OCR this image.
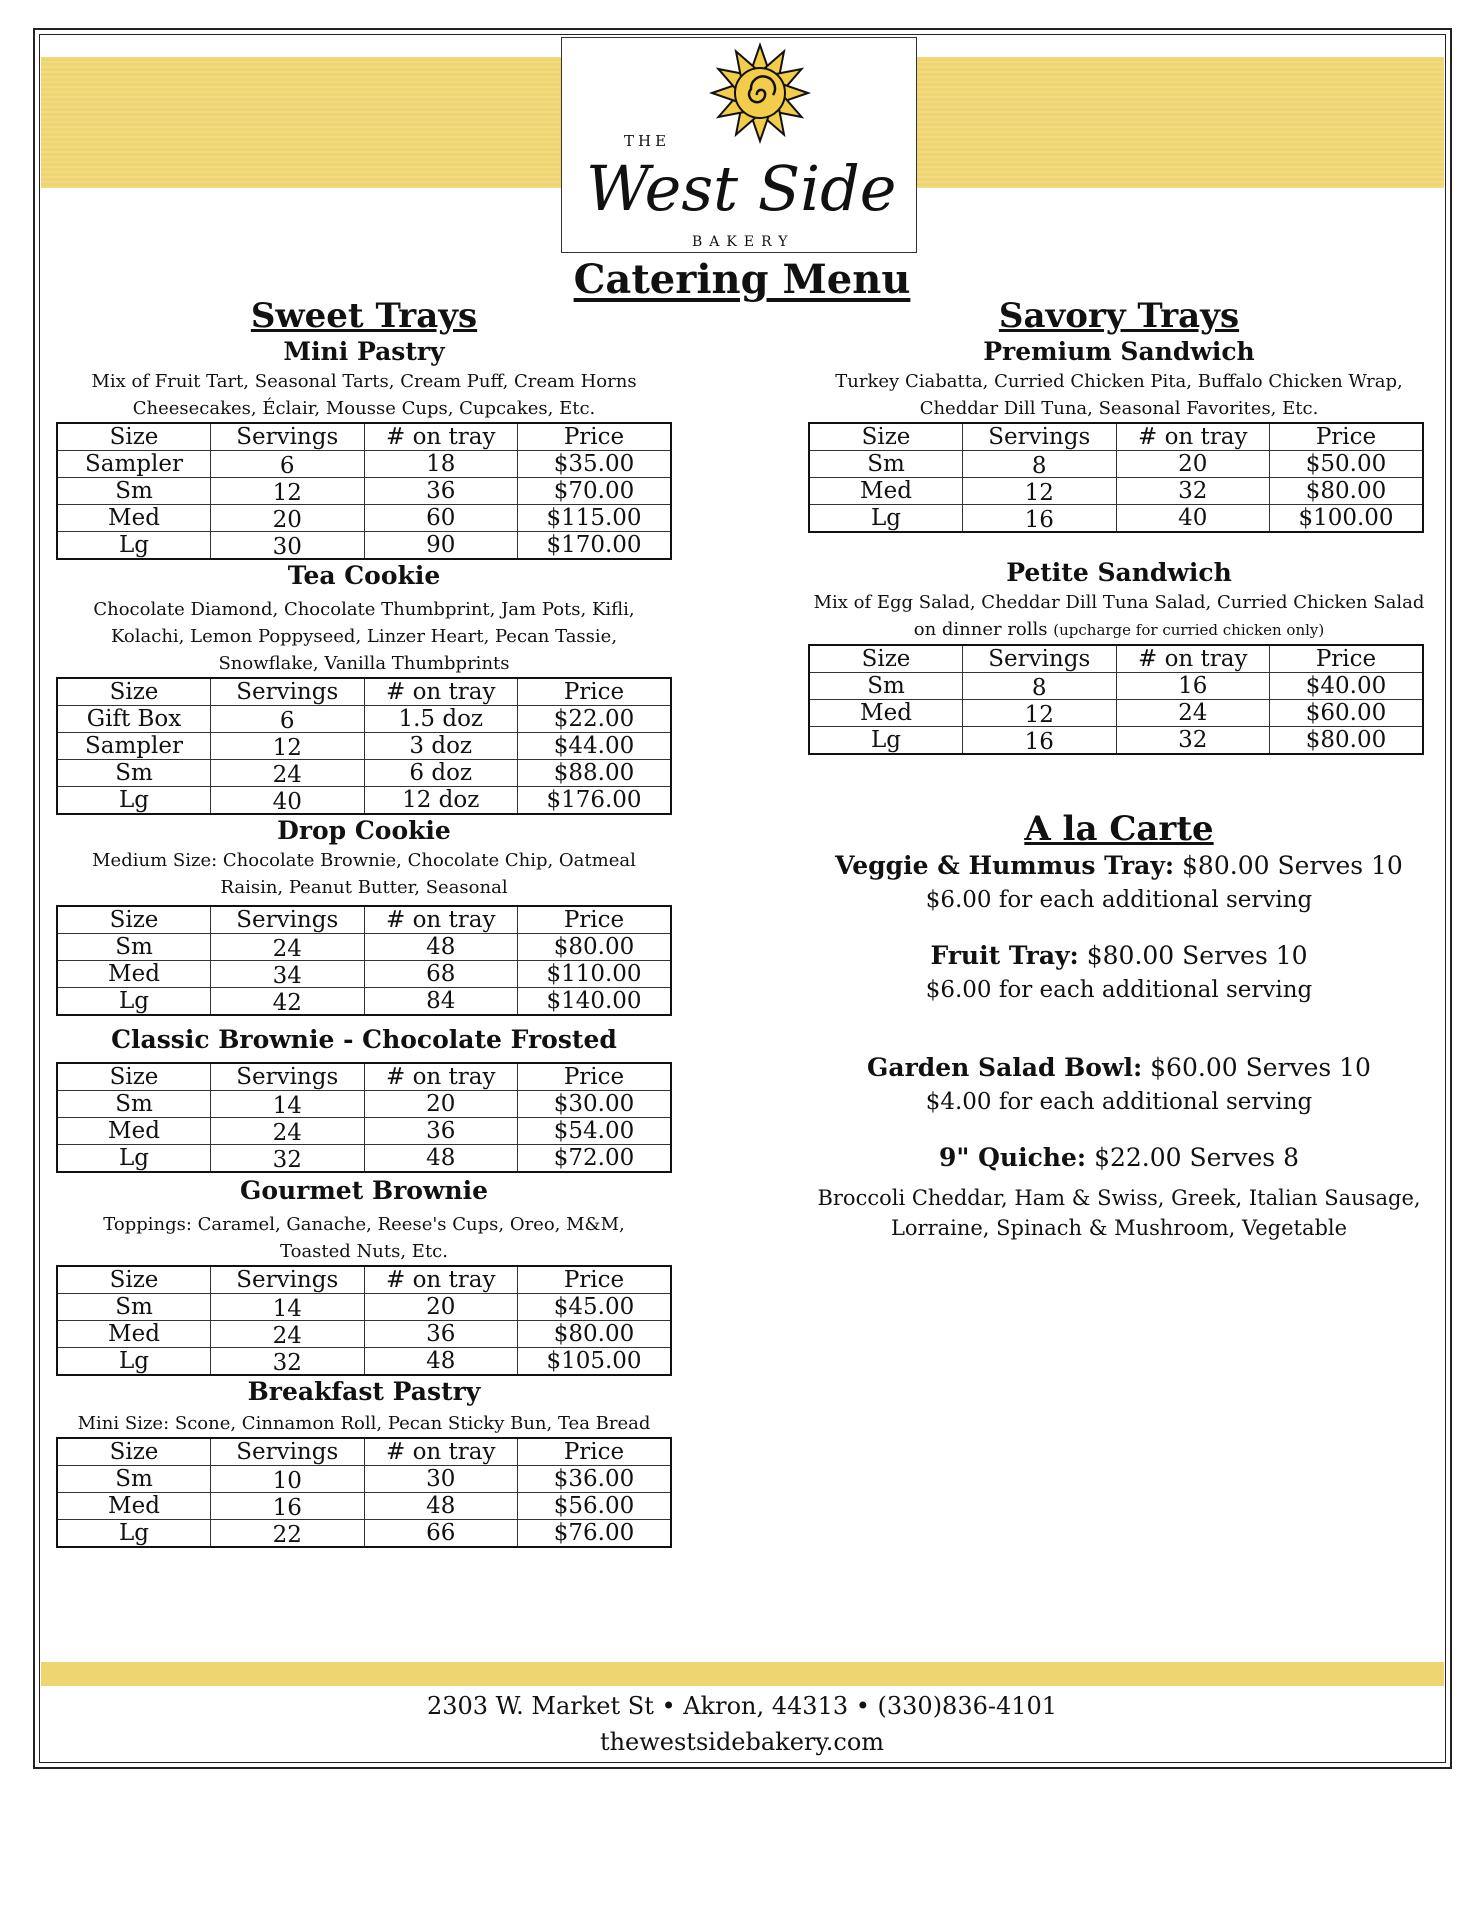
THE
West Side
BAKERY
Catering Menu
Sweet Trays
Mini Pastry
Mix of Fruit Tart, Seasonal Tarts, Cream Puff, Cream Horns
Cheesecakes, Éclair, Mousse Cups, Cupcakes, Etc.
Size	Servings	# on tray	Price
Sampler	6	18	$35.00
Sm	12	36	$70.00
Med	20	60	$115.00
Lg	30	90	$170.00
Tea Cookie
Chocolate Diamond, Chocolate Thumbprint, Jam Pots, Kifli,
Kolachi, Lemon Poppyseed, Linzer Heart, Pecan Tassie,
Snowflake, Vanilla Thumbprints
Size	Servings	# on tray	Price
Gift Box	6	1.5 doz	$22.00
Sampler	12	3 doz	$44.00
Sm	24	6 doz	$88.00
Lg	40	12 doz	$176.00
Drop Cookie
Medium Size: Chocolate Brownie, Chocolate Chip, Oatmeal
Raisin, Peanut Butter, Seasonal
Size	Servings	# on tray	Price
Sm	24	48	$80.00
Med	34	68	$110.00
Lg	42	84	$140.00
Classic Brownie - Chocolate Frosted
Size	Servings	# on tray	Price
Sm	14	20	$30.00
Med	24	36	$54.00
Lg	32	48	$72.00
Gourmet Brownie
Toppings: Caramel, Ganache, Reese's Cups, Oreo, M&M,
Toasted Nuts, Etc.
Size	Servings	# on tray	Price
Sm	14	20	$45.00
Med	24	36	$80.00
Lg	32	48	$105.00
Breakfast Pastry
Mini Size: Scone, Cinnamon Roll, Pecan Sticky Bun, Tea Bread
Size	Servings	# on tray	Price
Sm	10	30	$36.00
Med	16	48	$56.00
Lg	22	66	$76.00
Savory Trays
Premium Sandwich
Turkey Ciabatta, Curried Chicken Pita, Buffalo Chicken Wrap,
Cheddar Dill Tuna, Seasonal Favorites, Etc.
Size	Servings	# on tray	Price
Sm	8	20	$50.00
Med	12	32	$80.00
Lg	16	40	$100.00
Petite Sandwich
Mix of Egg Salad, Cheddar Dill Tuna Salad, Curried Chicken Salad
on dinner rolls (upcharge for curried chicken only)
Size	Servings	# on tray	Price
Sm	8	16	$40.00
Med	12	24	$60.00
Lg	16	32	$80.00
A la Carte
Veggie & Hummus Tray: $80.00 Serves 10
$6.00 for each additional serving
Fruit Tray: $80.00 Serves 10
$6.00 for each additional serving
Garden Salad Bowl: $60.00 Serves 10
$4.00 for each additional serving
9" Quiche: $22.00 Serves 8
Broccoli Cheddar, Ham & Swiss, Greek, Italian Sausage,
Lorraine, Spinach & Mushroom, Vegetable
2303 W. Market St • Akron, 44313 • (330)836-4101
thewestsidebakery.com
